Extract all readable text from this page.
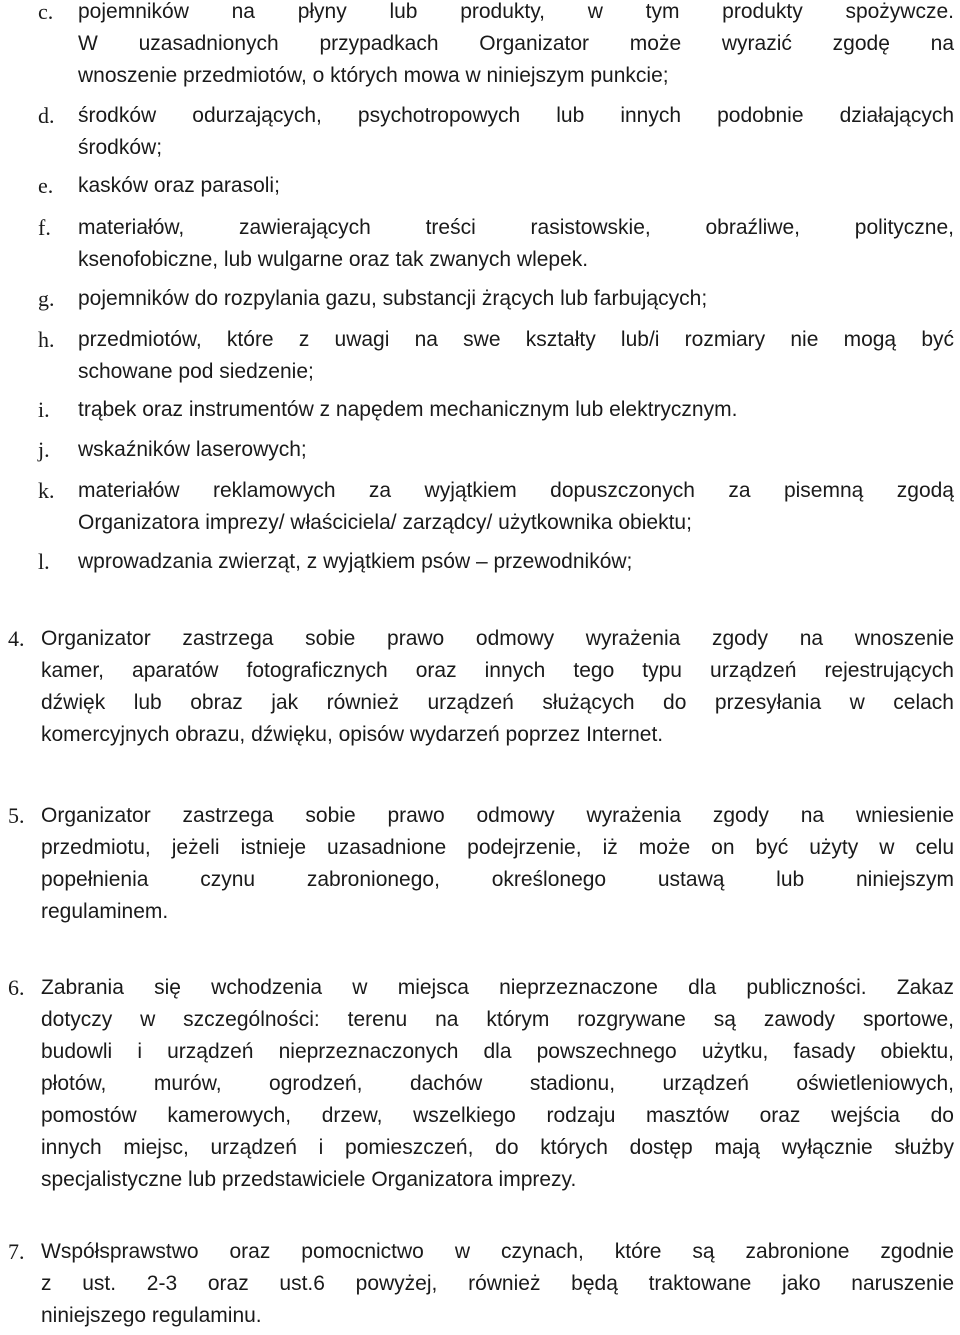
c. pojemników na płyny lub produkty, w tym produkty spożywcze.
W uzasadnionych przypadkach Organizator może wyrazić zgodę na
wnoszenie przedmiotów, o których mowa w niniejszym punkcie;
d. środków odurzających, psychotropowych lub innych podobnie działających
środków;
e. kasków oraz parasoli;
f. materiałów, zawierających treści rasistowskie, obraźliwe, polityczne,
ksenofobiczne, lub wulgarne oraz tak zwanych wlepek.
g. pojemników do rozpylania gazu, substancji żrących lub farbujących;
h. przedmiotów, które z uwagi na swe kształty lub/i rozmiary nie mogą być
schowane pod siedzenie;
i. trąbek oraz instrumentów z napędem mechanicznym lub elektrycznym.
j. wskaźników laserowych;
k. materiałów reklamowych za wyjątkiem dopuszczonych za pisemną zgodą
Organizatora imprezy/ właściciela/ zarządcy/ użytkownika obiektu;
l. wprowadzania zwierząt, z wyjątkiem psów – przewodników;
4. Organizator zastrzega sobie prawo odmowy wyrażenia zgody na wnoszenie
kamer, aparatów fotograficznych oraz innych tego typu urządzeń rejestrujących
dźwięk lub obraz jak również urządzeń służących do przesyłania w celach
komercyjnych obrazu, dźwięku, opisów wydarzeń poprzez Internet.
5. Organizator zastrzega sobie prawo odmowy wyrażenia zgody na wniesienie
przedmiotu, jeżeli istnieje uzasadnione podejrzenie, iż może on być użyty w celu
popełnienia czynu zabronionego, określonego ustawą lub niniejszym
regulaminem.
6. Zabrania się wchodzenia w miejsca nieprzeznaczone dla publiczności. Zakaz
dotyczy w szczególności: terenu na którym rozgrywane są zawody sportowe,
budowli i urządzeń nieprzeznaczonych dla powszechnego użytku, fasady obiektu,
płotów, murów, ogrodzeń, dachów stadionu, urządzeń oświetleniowych,
pomostów kamerowych, drzew, wszelkiego rodzaju masztów oraz wejścia do
innych miejsc, urządzeń i pomieszczeń, do których dostęp mają wyłącznie służby
specjalistyczne lub przedstawiciele Organizatora imprezy.
7. Współsprawstwo oraz pomocnictwo w czynach, które są zabronione zgodnie
z ust. 2-3 oraz ust.6 powyżej, również będą traktowane jako naruszenie
niniejszego regulaminu.
